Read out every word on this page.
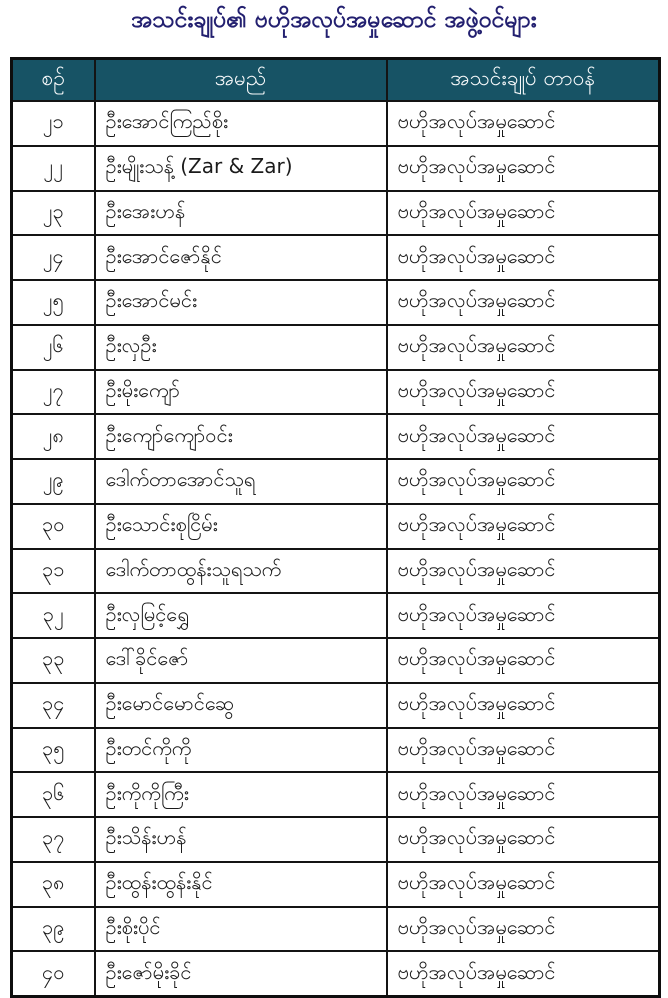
အသင်းချုပ်၏ ဗဟိုအလုပ်အမှုဆောင် အဖွဲ့ဝင်များ
စဉ်	အမည်	အသင်းချုပ် တာဝန်
၂၁	ဦးအောင်ကြည်စိုး	ဗဟိုအလုပ်အမှုဆောင်
၂၂	ဦးမျိုးသန့် (Zar & Zar)	ဗဟိုအလုပ်အမှုဆောင်
၂၃	ဦးအေးဟန်	ဗဟိုအလုပ်အမှုဆောင်
၂၄	ဦးအောင်ဇော်နိုင်	ဗဟိုအလုပ်အမှုဆောင်
၂၅	ဦးအောင်မင်း	ဗဟိုအလုပ်အမှုဆောင်
၂၆	ဦးလှဦး	ဗဟိုအလုပ်အမှုဆောင်
၂၇	ဦးမိုးကျော်	ဗဟိုအလုပ်အမှုဆောင်
၂၈	ဦးကျော်ကျော်ဝင်း	ဗဟိုအလုပ်အမှုဆောင်
၂၉	ဒေါက်တာအောင်သူရ	ဗဟိုအလုပ်အမှုဆောင်
၃၀	ဦးသောင်းစုငြိမ်း	ဗဟိုအလုပ်အမှုဆောင်
၃၁	ဒေါက်တာထွန်းသူရသက်	ဗဟိုအလုပ်အမှုဆောင်
၃၂	ဦးလှမြင့်ရွှေ	ဗဟိုအလုပ်အမှုဆောင်
၃၃	ဒေါ်ခိုင်ဇော်	ဗဟိုအလုပ်အမှုဆောင်
၃၄	ဦးမောင်မောင်ဆွေ	ဗဟိုအလုပ်အမှုဆောင်
၃၅	ဦးတင်ကိုကို	ဗဟိုအလုပ်အမှုဆောင်
၃၆	ဦးကိုကိုကြီး	ဗဟိုအလုပ်အမှုဆောင်
၃၇	ဦးသိန်းဟန်	ဗဟိုအလုပ်အမှုဆောင်
၃၈	ဦးထွန်းထွန်းနိုင်	ဗဟိုအလုပ်အမှုဆောင်
၃၉	ဦးစိုးပိုင်	ဗဟိုအလုပ်အမှုဆောင်
၄၀	ဦးဇော်မိုးခိုင်	ဗဟိုအလုပ်အမှုဆောင်
